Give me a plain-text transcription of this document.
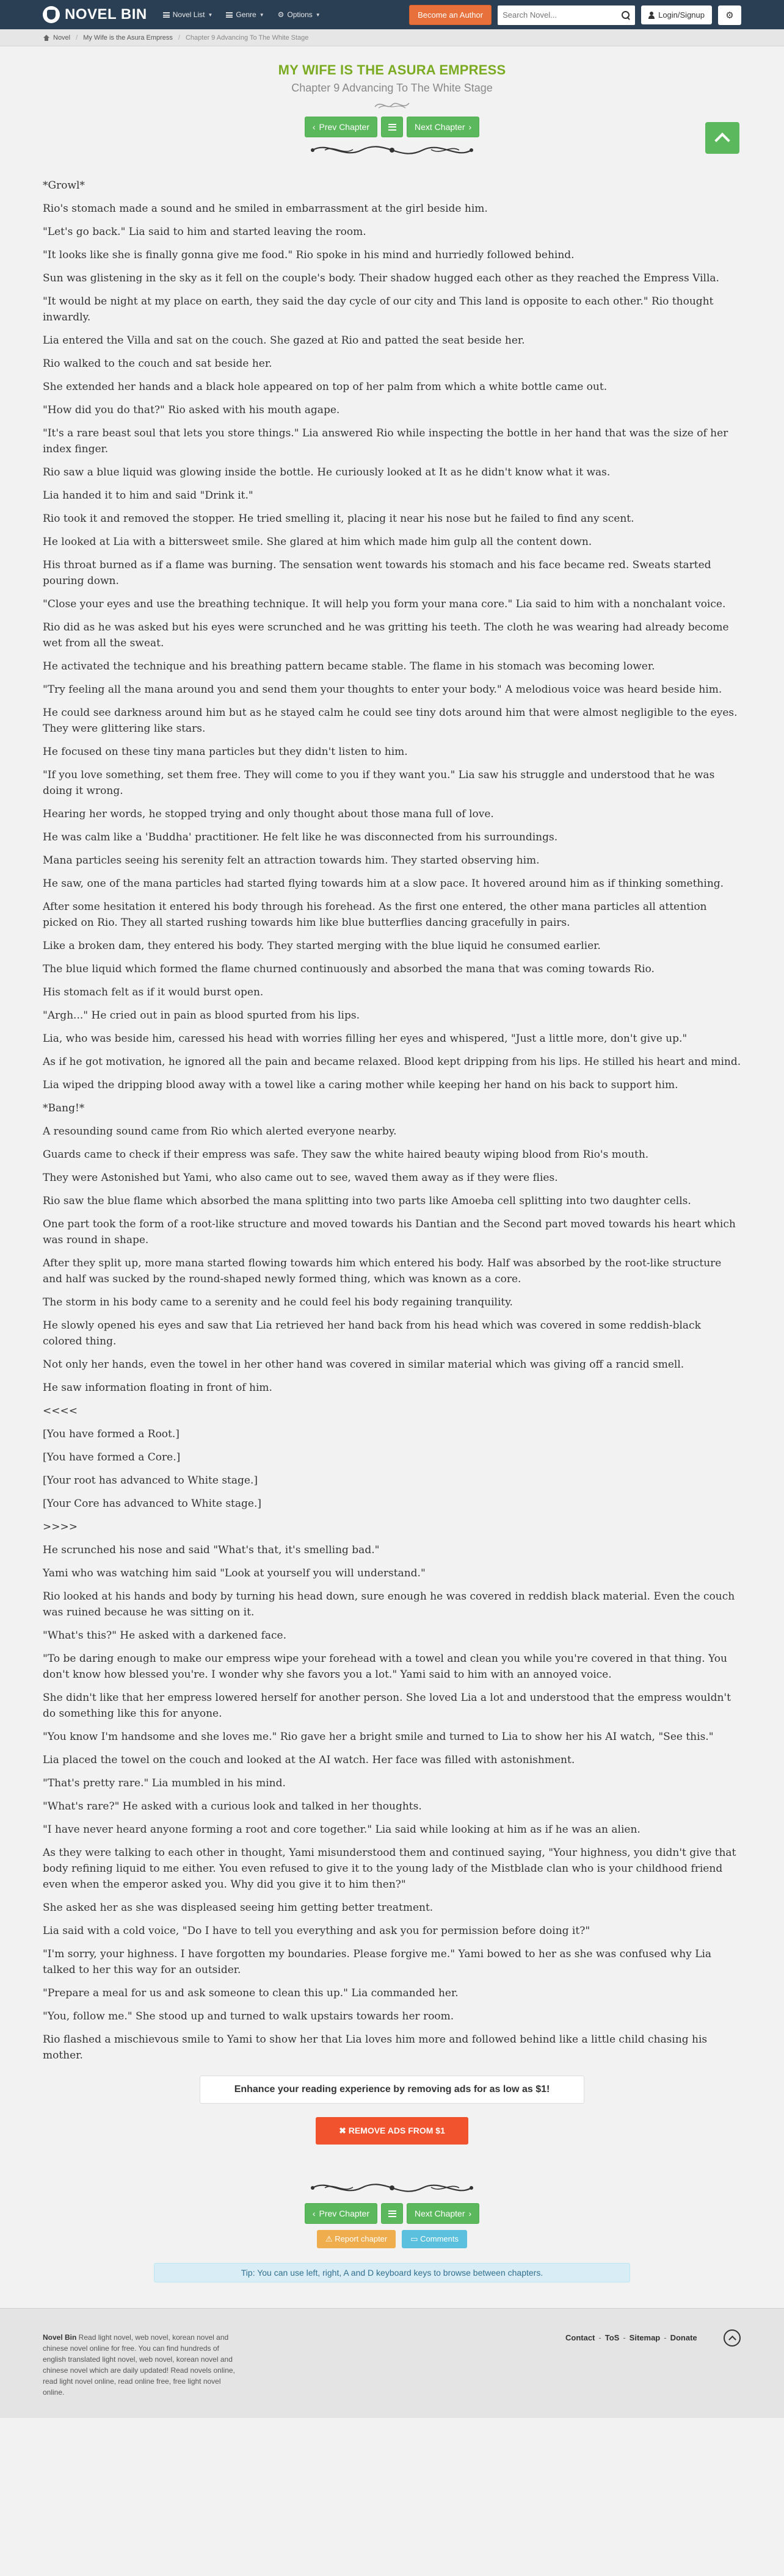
NOVEL BIN	Novel List ▼	Genre ▼ ⚙ Options ▼	Become an Author
Search Novel...	Login/Signup ⚙
Novel / My Wife is the Asura Empress / Chapter 9 Advancing To The White Stage
MY WIFE IS THE ASURA EMPRESS
Chapter 9 Advancing To The White Stage
‹ Prev Chapter	Next Chapter ›

*Growl*

Rio's stomach made a sound and he smiled in embarrassment at the girl beside him.

"Let's go back." Lia said to him and started leaving the room.

"It looks like she is finally gonna give me food." Rio spoke in his mind and hurriedly followed behind.

Sun was glistening in the sky as it fell on the couple's body. Their shadow hugged each other as they reached the Empress Villa.

"It would be night at my place on earth, they said the day cycle of our city and This land is opposite to each other." Rio thought inwardly.

Lia entered the Villa and sat on the couch. She gazed at Rio and patted the seat beside her.

Rio walked to the couch and sat beside her.

She extended her hands and a black hole appeared on top of her palm from which a white bottle came out.

"How did you do that?" Rio asked with his mouth agape.

"It's a rare beast soul that lets you store things." Lia answered Rio while inspecting the bottle in her hand that was the size of her index finger.

Rio saw a blue liquid was glowing inside the bottle. He curiously looked at It as he didn't know what it was.

Lia handed it to him and said "Drink it."

Rio took it and removed the stopper. He tried smelling it, placing it near his nose but he failed to find any scent.

He looked at Lia with a bittersweet smile. She glared at him which made him gulp all the content down.

His throat burned as if a flame was burning. The sensation went towards his stomach and his face became red. Sweats started pouring down.

"Close your eyes and use the breathing technique. It will help you form your mana core." Lia said to him with a nonchalant voice.

Rio did as he was asked but his eyes were scrunched and he was gritting his teeth. The cloth he was wearing had already become wet from all the sweat.

He activated the technique and his breathing pattern became stable. The flame in his stomach was becoming lower.

"Try feeling all the mana around you and send them your thoughts to enter your body." A melodious voice was heard beside him.

He could see darkness around him but as he stayed calm he could see tiny dots around him that were almost negligible to the eyes. They were glittering like stars.

He focused on these tiny mana particles but they didn't listen to him.

"If you love something, set them free. They will come to you if they want you." Lia saw his struggle and understood that he was doing it wrong.

Hearing her words, he stopped trying and only thought about those mana full of love.

He was calm like a 'Buddha' practitioner. He felt like he was disconnected from his surroundings.

Mana particles seeing his serenity felt an attraction towards him. They started observing him.

He saw, one of the mana particles had started flying towards him at a slow pace. It hovered around him as if thinking something.

After some hesitation it entered his body through his forehead. As the first one entered, the other mana particles all attention picked on Rio. They all started rushing towards him like blue butterflies dancing gracefully in pairs.

Like a broken dam, they entered his body. They started merging with the blue liquid he consumed earlier.

The blue liquid which formed the flame churned continuously and absorbed the mana that was coming towards Rio.

His stomach felt as if it would burst open.

"Argh..." He cried out in pain as blood spurted from his lips.

Lia, who was beside him, caressed his head with worries filling her eyes and whispered, "Just a little more, don't give up."

As if he got motivation, he ignored all the pain and became relaxed. Blood kept dripping from his lips. He stilled his heart and mind.

Lia wiped the dripping blood away with a towel like a caring mother while keeping her hand on his back to support him.

*Bang!*

A resounding sound came from Rio which alerted everyone nearby.

Guards came to check if their empress was safe. They saw the white haired beauty wiping blood from Rio's mouth.

They were Astonished but Yami, who also came out to see, waved them away as if they were flies.

Rio saw the blue flame which absorbed the mana splitting into two parts like Amoeba cell splitting into two daughter cells.

One part took the form of a root-like structure and moved towards his Dantian and the Second part moved towards his heart which was round in shape.

After they split up, more mana started flowing towards him which entered his body. Half was absorbed by the root-like structure and half was sucked by the round-shaped newly formed thing, which was known as a core.

The storm in his body came to a serenity and he could feel his body regaining tranquility.

He slowly opened his eyes and saw that Lia retrieved her hand back from his head which was covered in some reddish-black colored thing.

Not only her hands, even the towel in her other hand was covered in similar material which was giving off a rancid smell.

He saw information floating in front of him.

<<<<

[You have formed a Root.]

[You have formed a Core.]

[Your root has advanced to White stage.]

[Your Core has advanced to White stage.]

>>>>

He scrunched his nose and said "What's that, it's smelling bad."

Yami who was watching him said "Look at yourself you will understand."

Rio looked at his hands and body by turning his head down, sure enough he was covered in reddish black material. Even the couch was ruined because he was sitting on it.

"What's this?" He asked with a darkened face.

"To be daring enough to make our empress wipe your forehead with a towel and clean you while you're covered in that thing. You don't know how blessed you're. I wonder why she favors you a lot." Yami said to him with an annoyed voice.

She didn't like that her empress lowered herself for another person. She loved Lia a lot and understood that the empress wouldn't do something like this for anyone.

"You know I'm handsome and she loves me." Rio gave her a bright smile and turned to Lia to show her his AI watch, "See this."

Lia placed the towel on the couch and looked at the AI watch. Her face was filled with astonishment.

"That's pretty rare." Lia mumbled in his mind.

"What's rare?" He asked with a curious look and talked in her thoughts.

"I have never heard anyone forming a root and core together." Lia said while looking at him as if he was an alien.

As they were talking to each other in thought, Yami misunderstood them and continued saying, "Your highness, you didn't give that body refining liquid to me either. You even refused to give it to the young lady of the Mistblade clan who is your childhood friend even when the emperor asked you. Why did you give it to him then?"

She asked her as she was displeased seeing him getting better treatment.

Lia said with a cold voice, "Do I have to tell you everything and ask you for permission before doing it?"

"I'm sorry, your highness. I have forgotten my boundaries. Please forgive me." Yami bowed to her as she was confused why Lia talked to her this way for an outsider.

"Prepare a meal for us and ask someone to clean this up." Lia commanded her.

"You, follow me." She stood up and turned to walk upstairs towards her room.

Rio flashed a mischievous smile to Yami to show her that Lia loves him more and followed behind like a little child chasing his mother.

Enhance your reading experience by removing ads for as low as $1!
✖ REMOVE ADS FROM $1
‹ Prev Chapter	Next Chapter ›
⚠ Report chapter	▭ Comments
Tip: You can use left, right, A and D keyboard keys to browse between chapters.
Novel Bin Read light novel, web novel, korean novel and chinese novel online for free. You can find hundreds of english translated light novel, web novel, korean novel and chinese novel which are daily updated! Read novels online, read light novel online, read online free, free light novel online.
Contact - ToS - Sitemap - Donate
